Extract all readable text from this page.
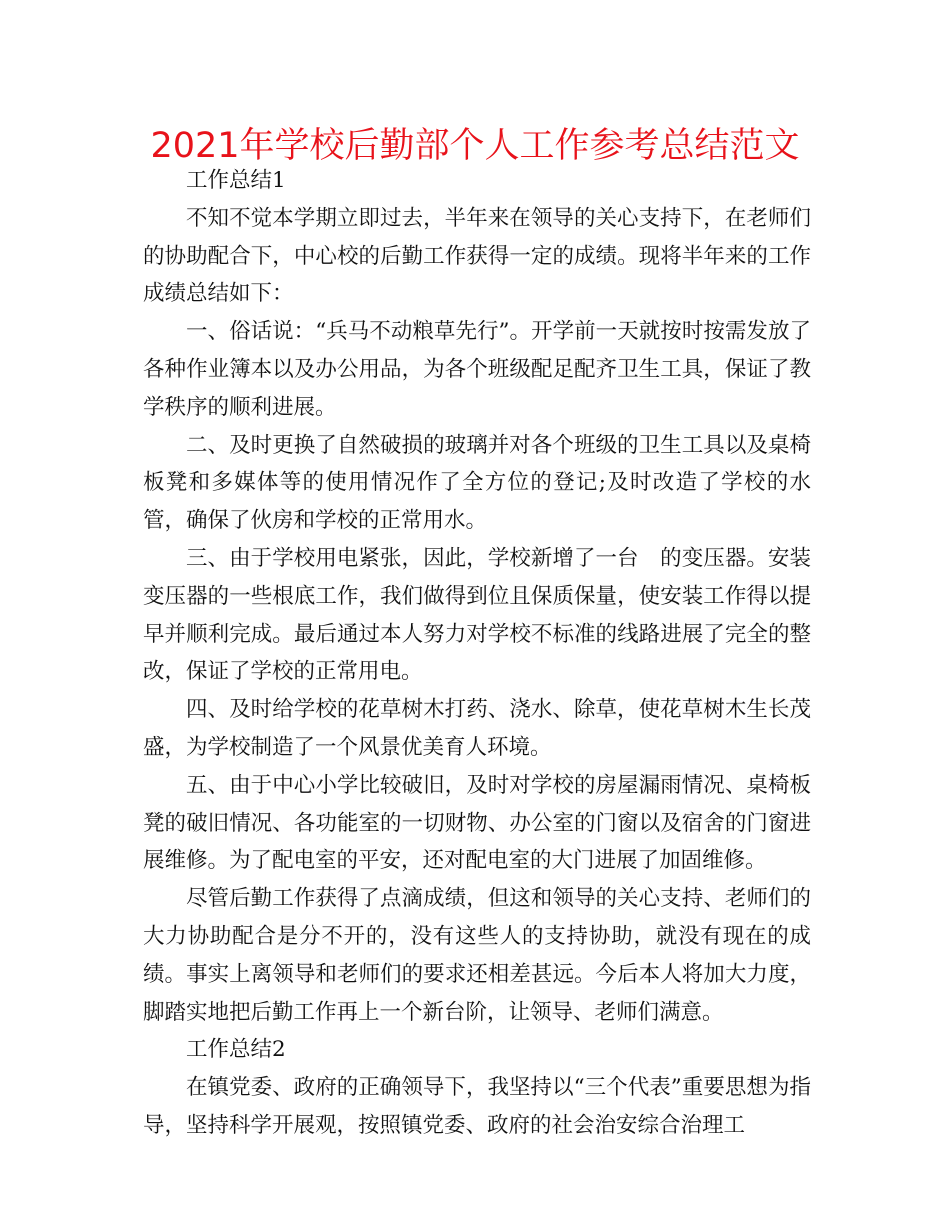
2021年学校后勤部个人工作参考总结范文

工作总结1

不知不觉本学期立即过去，半年来在领导的关心支持下，在老师们的协助配合下，中心校的后勤工作获得一定的成绩。现将半年来的工作成绩总结如下：

一、俗话说：“兵马不动粮草先行”。开学前一天就按时按需发放了各种作业簿本以及办公用品，为各个班级配足配齐卫生工具，保证了教学秩序的顺利进展。

二、及时更换了自然破损的玻璃并对各个班级的卫生工具以及桌椅板凳和多媒体等的使用情况作了全方位的登记;及时改造了学校的水管，确保了伙房和学校的正常用水。

三、由于学校用电紧张，因此，学校新增了一台　的变压器。安装变压器的一些根底工作，我们做得到位且保质保量，使安装工作得以提早并顺利完成。最后通过本人努力对学校不标准的线路进展了完全的整改，保证了学校的正常用电。

四、及时给学校的花草树木打药、浇水、除草，使花草树木生长茂盛，为学校制造了一个风景优美育人环境。

五、由于中心小学比较破旧，及时对学校的房屋漏雨情况、桌椅板凳的破旧情况、各功能室的一切财物、办公室的门窗以及宿舍的门窗进展维修。为了配电室的平安，还对配电室的大门进展了加固维修。

尽管后勤工作获得了点滴成绩，但这和领导的关心支持、老师们的大力协助配合是分不开的，没有这些人的支持协助，就没有现在的成绩。事实上离领导和老师们的要求还相差甚远。今后本人将加大力度，脚踏实地把后勤工作再上一个新台阶，让领导、老师们满意。

工作总结2

在镇党委、政府的正确领导下，我坚持以“三个代表”重要思想为指导，坚持科学开展观，按照镇党委、政府的社会治安综合治理工
